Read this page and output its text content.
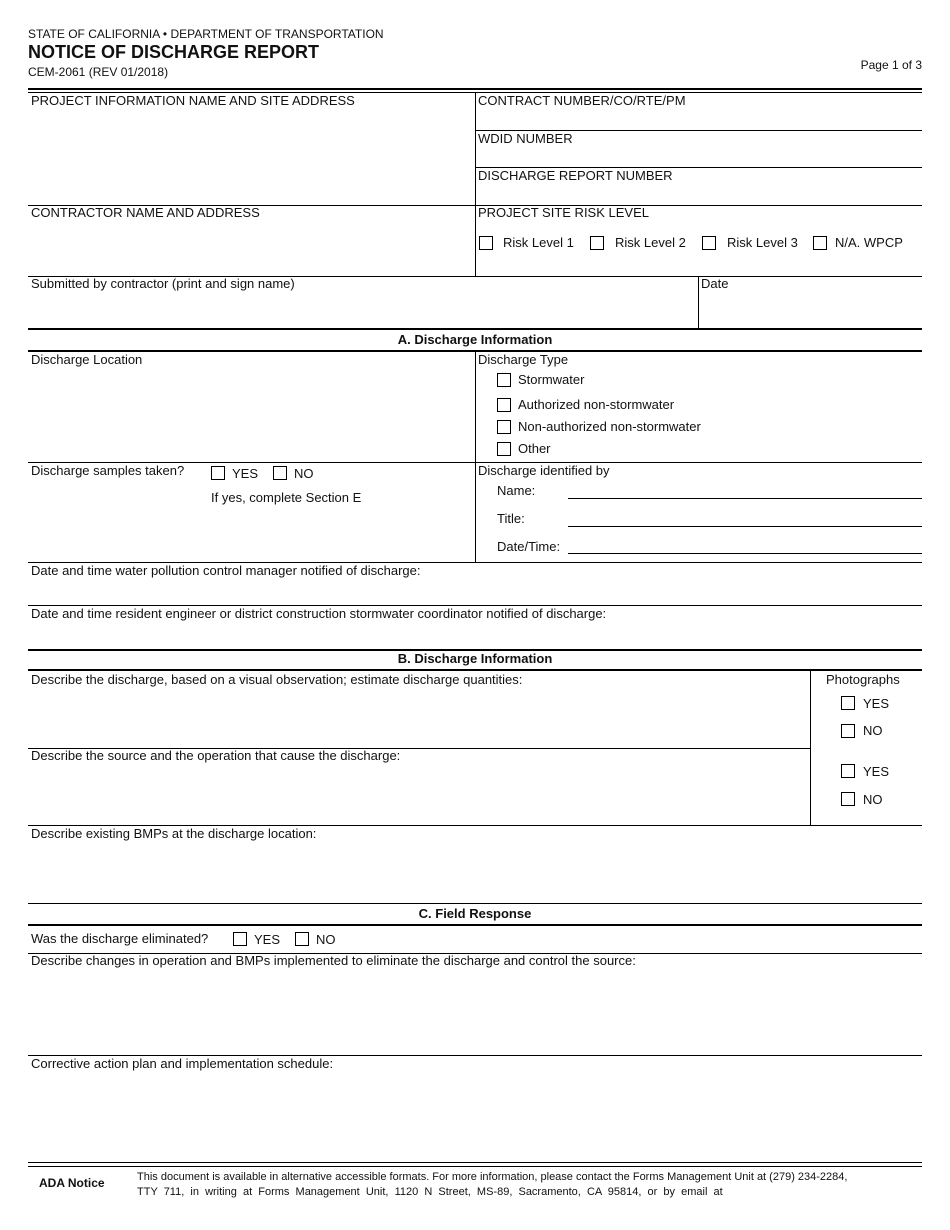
STATE OF CALIFORNIA • DEPARTMENT OF TRANSPORTATION
NOTICE OF DISCHARGE REPORT
CEM-2061 (REV 01/2018)	Page 1 of 3
PROJECT INFORMATION NAME AND SITE ADDRESS	CONTRACT NUMBER/CO/RTE/PM
WDID NUMBER
DISCHARGE REPORT NUMBER
CONTRACTOR NAME AND ADDRESS	PROJECT SITE RISK LEVEL
Risk Level 1	Risk Level 2	Risk Level 3	N/A. WPCP
Submitted by contractor (print and sign name)	Date
A. Discharge Information
Discharge Location	Discharge Type
Stormwater
Authorized non-stormwater
Non-authorized non-stormwater
Other
Discharge samples taken?	YES	NO
If yes, complete Section E
Discharge identified by
Name:
Title:
Date/Time:
Date and time water pollution control manager notified of discharge:
Date and time resident engineer or district construction stormwater coordinator notified of discharge:
B. Discharge Information
Describe the discharge, based on a visual observation; estimate discharge quantities:	Photographs
YES
NO
Describe the source and the operation that cause the discharge:
YES
NO
Describe existing BMPs at the discharge location:
C. Field Response
Was the discharge eliminated?	YES	NO
Describe changes in operation and BMPs implemented to eliminate the discharge and control the source:
Corrective action plan and implementation schedule:
ADA Notice	This document is available in alternative accessible formats. For more information, please contact the Forms Management Unit at (279) 234-2284,
TTY  711,  in  writing  at  Forms  Management  Unit,  1120  N  Street,  MS-89,  Sacramento,  CA  95814,  or  by  email  at
